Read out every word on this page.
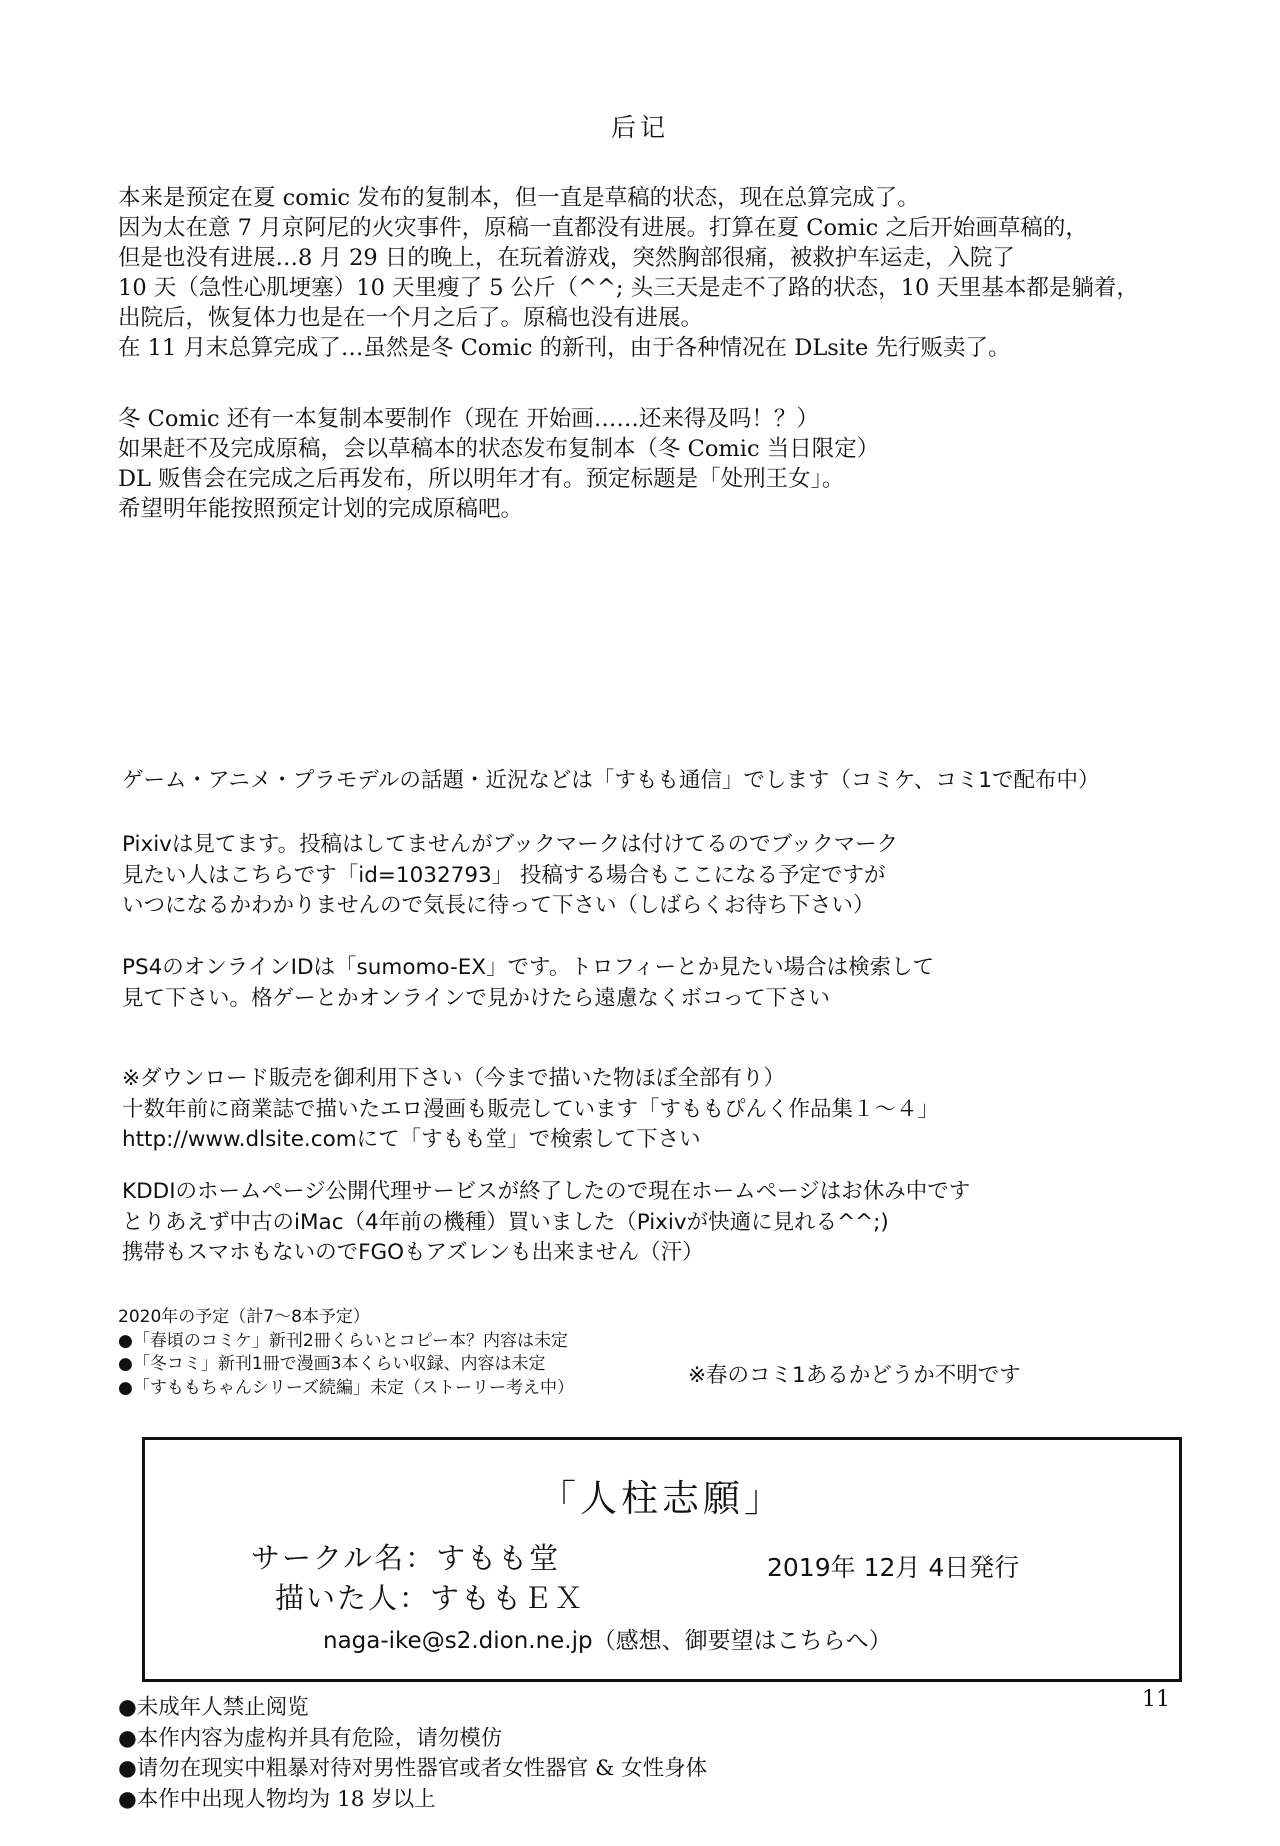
后记
本来是预定在夏 comic 发布的复制本，但一直是草稿的状态，现在总算完成了。
因为太在意 7 月京阿尼的火灾事件，原稿一直都没有进展。打算在夏 Comic 之后开始画草稿的，
但是也没有进展…8 月 29 日的晚上，在玩着游戏，突然胸部很痛，被救护车运走，入院了
10 天（急性心肌埂塞）10 天里瘦了 5 公斤（^^; 头三天是走不了路的状态，10 天里基本都是躺着，
出院后，恢复体力也是在一个月之后了。原稿也没有进展。
在 11 月末总算完成了…虽然是冬 Comic 的新刊，由于各种情况在 DLsite 先行贩卖了。
冬 Comic 还有一本复制本要制作（现在 开始画……还来得及吗！？）
如果赶不及完成原稿，会以草稿本的状态发布复制本（冬 Comic 当日限定）
DL 贩售会在完成之后再发布，所以明年才有。预定标题是「处刑王女」。
希望明年能按照预定计划的完成原稿吧。
ゲーム・アニメ・プラモデルの話題・近況などは「すもも通信」でします（コミケ、コミ1で配布中）
Pixivは見てます。投稿はしてませんがブックマークは付けてるのでブックマーク
見たい人はこちらです「id=1032793」 投稿する場合もここになる予定ですが
いつになるかわかりませんので気長に待って下さい（しばらくお待ち下さい）
PS4のオンラインIDは「sumomo-EX」です。トロフィーとか見たい場合は検索して
見て下さい。格ゲーとかオンラインで見かけたら遠慮なくボコって下さい
※ダウンロード販売を御利用下さい（今まで描いた物ほぼ全部有り）
十数年前に商業誌で描いたエロ漫画も販売しています「すももぴんく作品集１～４」
http://www.dlsite.comにて「すもも堂」で検索して下さい
KDDIのホームページ公開代理サービスが終了したので現在ホームページはお休み中です
とりあえず中古のiMac（4年前の機種）買いました（Pixivが快適に見れる^^;)
携帯もスマホもないのでFGOもアズレンも出来ません（汗）
2020年の予定（計7～8本予定）
●「春頃のコミケ」新刊2冊くらいとコピー本？内容は未定
●「冬コミ」新刊1冊で漫画3本くらい収録、内容は未定
●「すももちゃんシリーズ続編」未定（ストーリー考え中）	※春のコミ1あるかどうか不明です
「人柱志願」
サークル名：すもも堂
描いた人：すももＥＸ
2019年 12月 4日発行
naga-ike@s2.dion.ne.jp（感想、御要望はこちらへ）
11
●未成年人禁止阅览
●本作内容为虚构并具有危险，请勿模仿
●请勿在现实中粗暴对待对男性器官或者女性器官 & 女性身体
●本作中出现人物均为 18 岁以上
